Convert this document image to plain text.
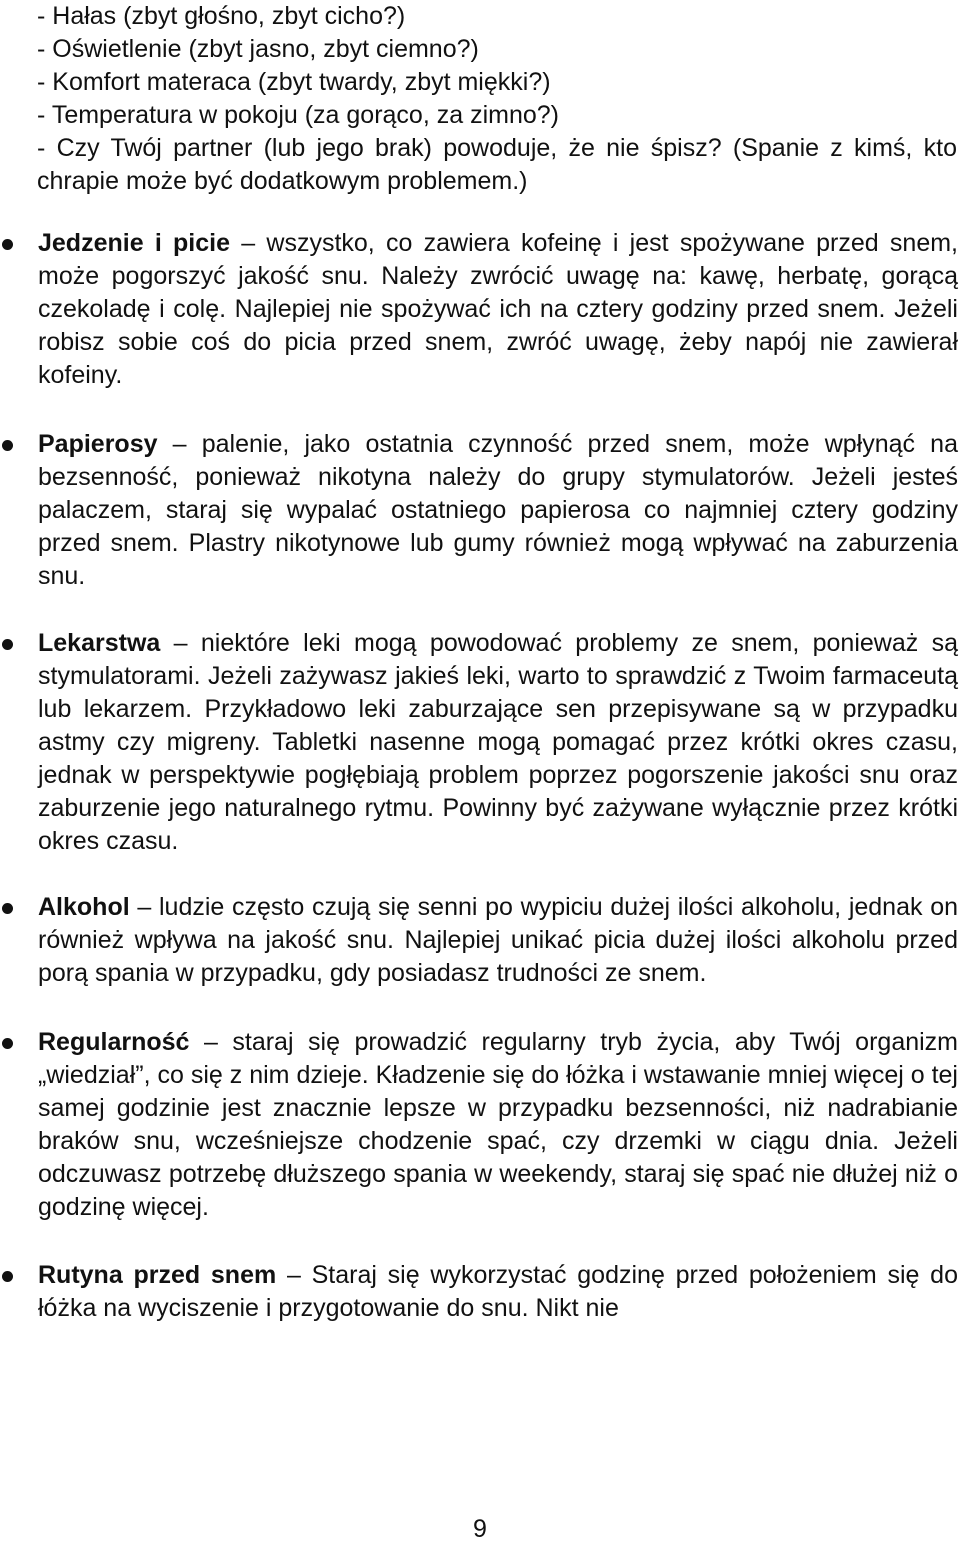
- Hałas (zbyt głośno, zbyt cicho?)
- Oświetlenie (zbyt jasno, zbyt ciemno?)
- Komfort materaca (zbyt twardy, zbyt miękki?)
- Temperatura w pokoju (za gorąco, za zimno?)
- Czy Twój partner (lub jego brak) powoduje, że nie śpisz? (Spanie z kimś, kto chrapie może być dodatkowym problemem.)
Jedzenie i picie – wszystko, co zawiera kofeinę i jest spożywane przed snem, może pogorszyć jakość snu. Należy zwrócić uwagę na: kawę, herbatę, gorącą czekoladę i colę. Najlepiej nie spożywać ich na cztery godziny przed snem. Jeżeli robisz sobie coś do picia przed snem, zwróć uwagę, żeby napój nie zawierał kofeiny.
Papierosy – palenie, jako ostatnia czynność przed snem, może wpłynąć na bezsenność, ponieważ nikotyna należy do grupy stymulatorów. Jeżeli jesteś palaczem, staraj się wypalać ostatniego papierosa co najmniej cztery godziny przed snem. Plastry nikotynowe lub gumy również mogą wpływać na zaburzenia snu.
Lekarstwa – niektóre leki mogą powodować problemy ze snem, ponieważ są stymulatorami. Jeżeli zażywasz jakieś leki, warto to sprawdzić z Twoim farmaceutą lub lekarzem. Przykładowo leki zaburzające sen przepisywane są w przypadku astmy czy migreny. Tabletki nasenne mogą pomagać przez krótki okres czasu, jednak w perspektywie pogłębiają problem poprzez pogorszenie jakości snu oraz zaburzenie jego naturalnego rytmu. Powinny być zażywane wyłącznie przez krótki okres czasu.
Alkohol – ludzie często czują się senni po wypiciu dużej ilości alkoholu, jednak on również wpływa na jakość snu. Najlepiej unikać picia dużej ilości alkoholu przed porą spania w przypadku, gdy posiadasz trudności ze snem.
Regularność – staraj się prowadzić regularny tryb życia, aby Twój organizm „wiedział”, co się z nim dzieje. Kładzenie się do łóżka i wstawanie mniej więcej o tej samej godzinie jest znacznie lepsze w przypadku bezsenności, niż nadrabianie braków snu, wcześniejsze chodzenie spać, czy drzemki w ciągu dnia. Jeżeli odczuwasz potrzebę dłuższego spania w weekendy, staraj się spać nie dłużej niż o godzinę więcej.
Rutyna przed snem – Staraj się wykorzystać godzinę przed położeniem się do łóżka na wyciszenie i przygotowanie do snu. Nikt nie
9
